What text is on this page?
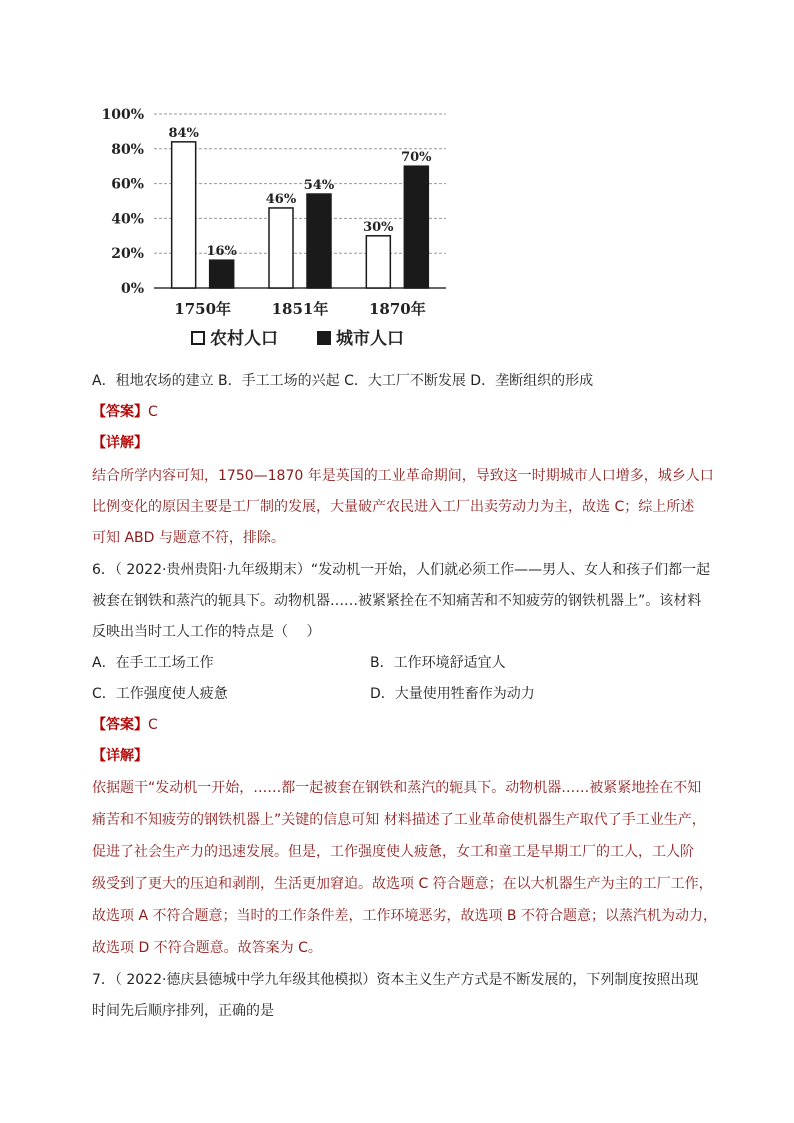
0%
20%
40%
60%
80%
100%
1750年	1851年	1870年
84%
16%
46%
54%
30%
70%
农村人口	城市人口
A．租地农场的建立 B．手工工场的兴起 C．大工厂不断发展 D．垄断组织的形成
【答案】C
【详解】
结合所学内容可知，1750—1870 年是英国的工业革命期间，导致这一时期城市人口增多，城乡人口
比例变化的原因主要是工厂制的发展，大量破产农民进入工厂出卖劳动力为主，故选 C；综上所述
可知 ABD 与题意不符，排除。
6．（ 2022·贵州贵阳·九年级期末）“发动机一开始，人们就必须工作——男人、女人和孩子们都一起
被套在钢铁和蒸汽的轭具下。动物机器……被紧紧拴在不知痛苦和不知疲劳的钢铁机器上”。该材料
反映出当时工人工作的特点是（　 ）
A．在手工工场工作	B．工作环境舒适宜人
C．工作强度使人疲惫	D．大量使用牲畜作为动力
【答案】C
【详解】
依据题干“发动机一开始，……都一起被套在钢铁和蒸汽的轭具下。动物机器……被紧紧地拴在不知
痛苦和不知疲劳的钢铁机器上”关键的信息可知 材料描述了工业革命使机器生产取代了手工业生产，
促进了社会生产力的迅速发展。但是，工作强度使人疲惫，女工和童工是早期工厂的工人，工人阶
级受到了更大的压迫和剥削，生活更加窘迫。故选项 C 符合题意；在以大机器生产为主的工厂工作，
故选项 A 不符合题意；当时的工作条件差，工作环境恶劣，故选项 B 不符合题意；以蒸汽机为动力，
故选项 D 不符合题意。故答案为 C。
7．（ 2022·德庆县德城中学九年级其他模拟）资本主义生产方式是不断发展的，下列制度按照出现
时间先后顺序排列，正确的是
